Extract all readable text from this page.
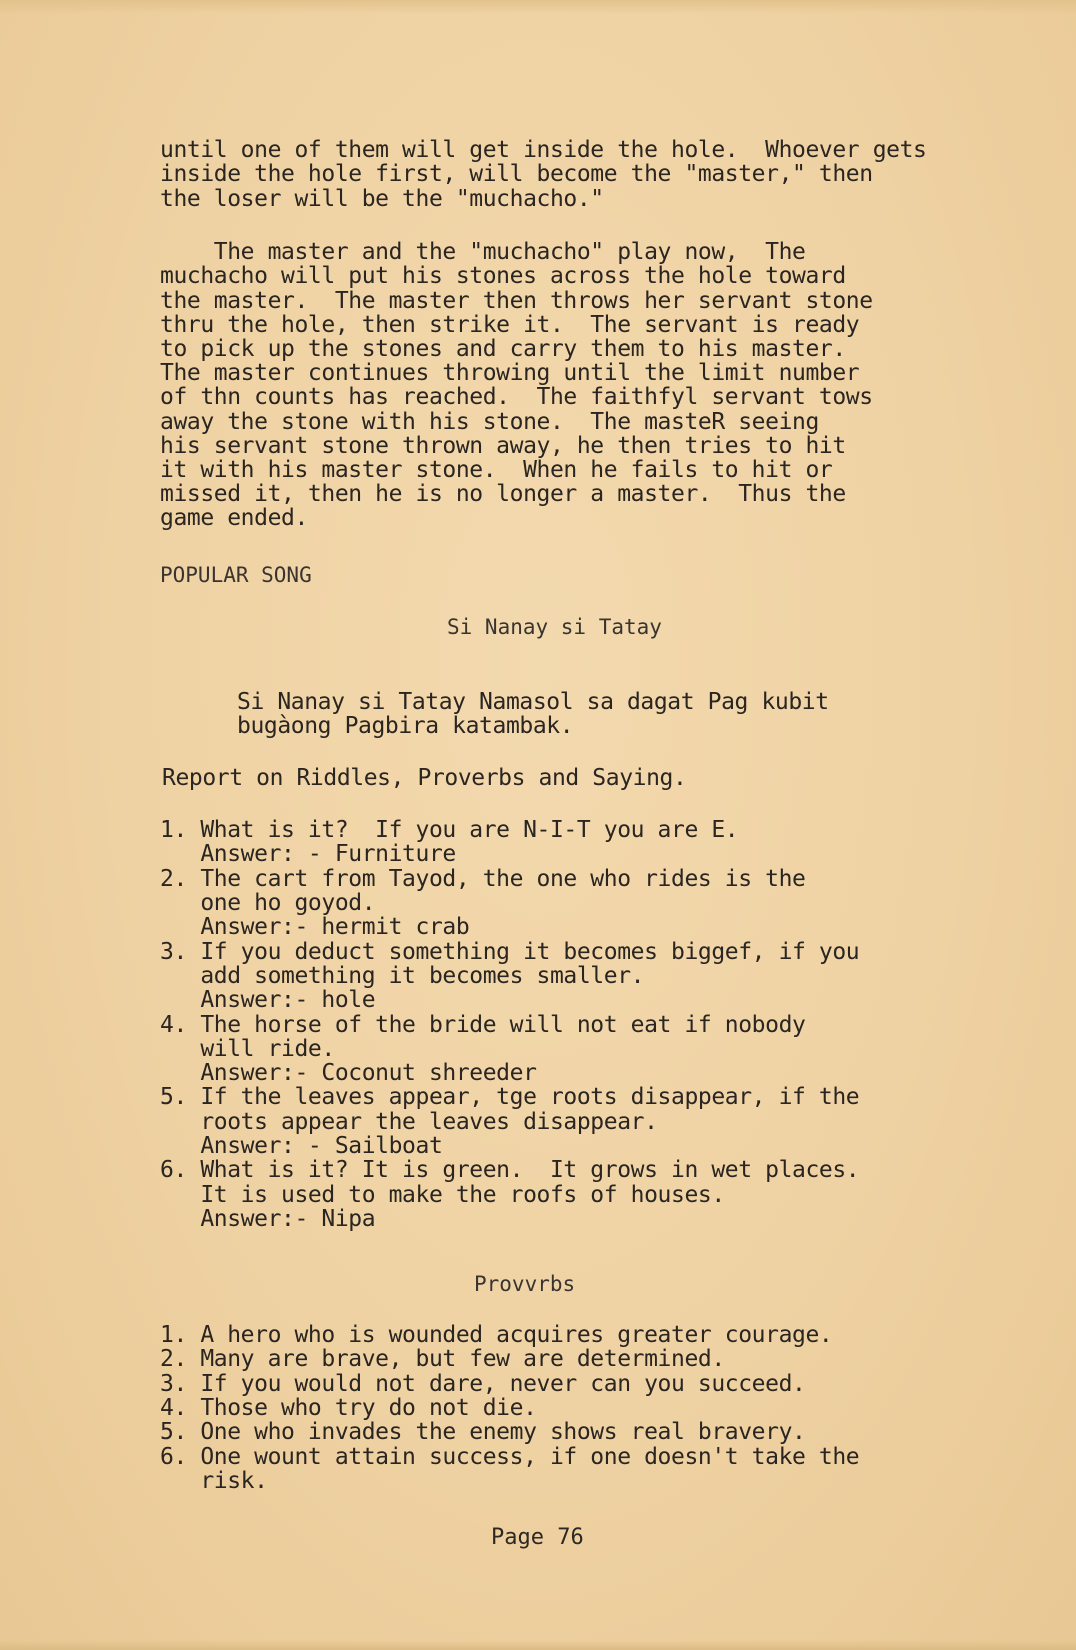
until one of them will get inside the hole.  Whoever gets
inside the hole first, will become the "master," then
the loser will be the "muchacho."
The master and the "muchacho" play now,  The
muchacho will put his stones across the hole toward
the master.  The master then throws her servant stone
thru the hole, then strike it.  The servant is ready
to pick up the stones and carry them to his master.
The master continues throwing until the limit number
of thn counts has reached.  The faithfyl servant tows
away the stone with his stone.  The masteR seeing
his servant stone thrown away, he then tries to hit
it with his master stone.  When he fails to hit or
missed it, then he is no longer a master.  Thus the
game ended.
POPULAR SONG
Si Nanay si Tatay
Si Nanay si Tatay Namasol sa dagat Pag kubit
bugàong Pagbira katambak.
Report on Riddles, Proverbs and Saying.
1. What is it?  If you are N-I-T you are E.
Answer: - Furniture
2. The cart from Tayod, the one who rides is the
one ho goyod.
Answer:- hermit crab
3. If you deduct something it becomes biggef, if you
add something it becomes smaller.
Answer:- hole
4. The horse of the bride will not eat if nobody
will ride.
Answer:- Coconut shreeder
5. If the leaves appear, tge roots disappear, if the
roots appear the leaves disappear.
Answer: - Sailboat
6. What is it? It is green.  It grows in wet places.
It is used to make the roofs of houses.
Answer:- Nipa
Provvrbs
1. A hero who is wounded acquires greater courage.
2. Many are brave, but few are determined.
3. If you would not dare, never can you succeed.
4. Those who try do not die.
5. One who invades the enemy shows real bravery.
6. One wount attain success, if one doesn't take the
risk.
Page 76
